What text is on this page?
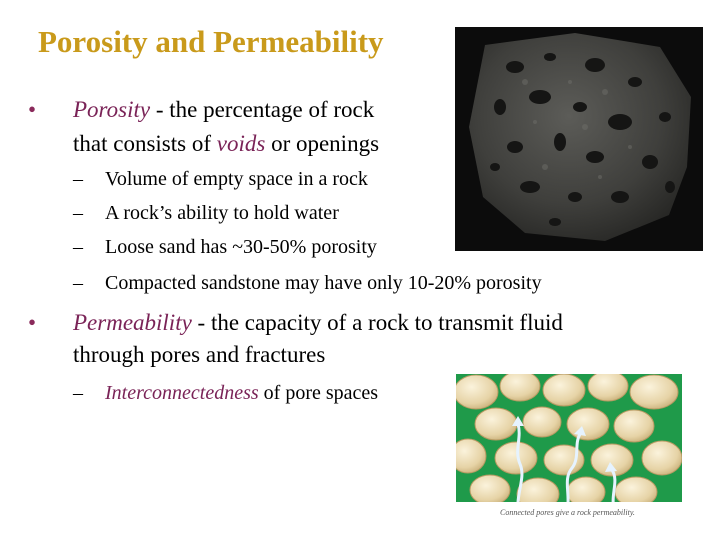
Porosity and Permeability
• Porosity - the percentage of rock
that consists of voids or openings
– Volume of empty space in a rock
– A rock’s ability to hold water
– Loose sand has ~30-50% porosity
– Compacted sandstone may have only 10-20% porosity
• Permeability - the capacity of a rock to transmit fluid
through pores and fractures
– Interconnectedness of pore spaces
Connected pores give a rock permeability.
